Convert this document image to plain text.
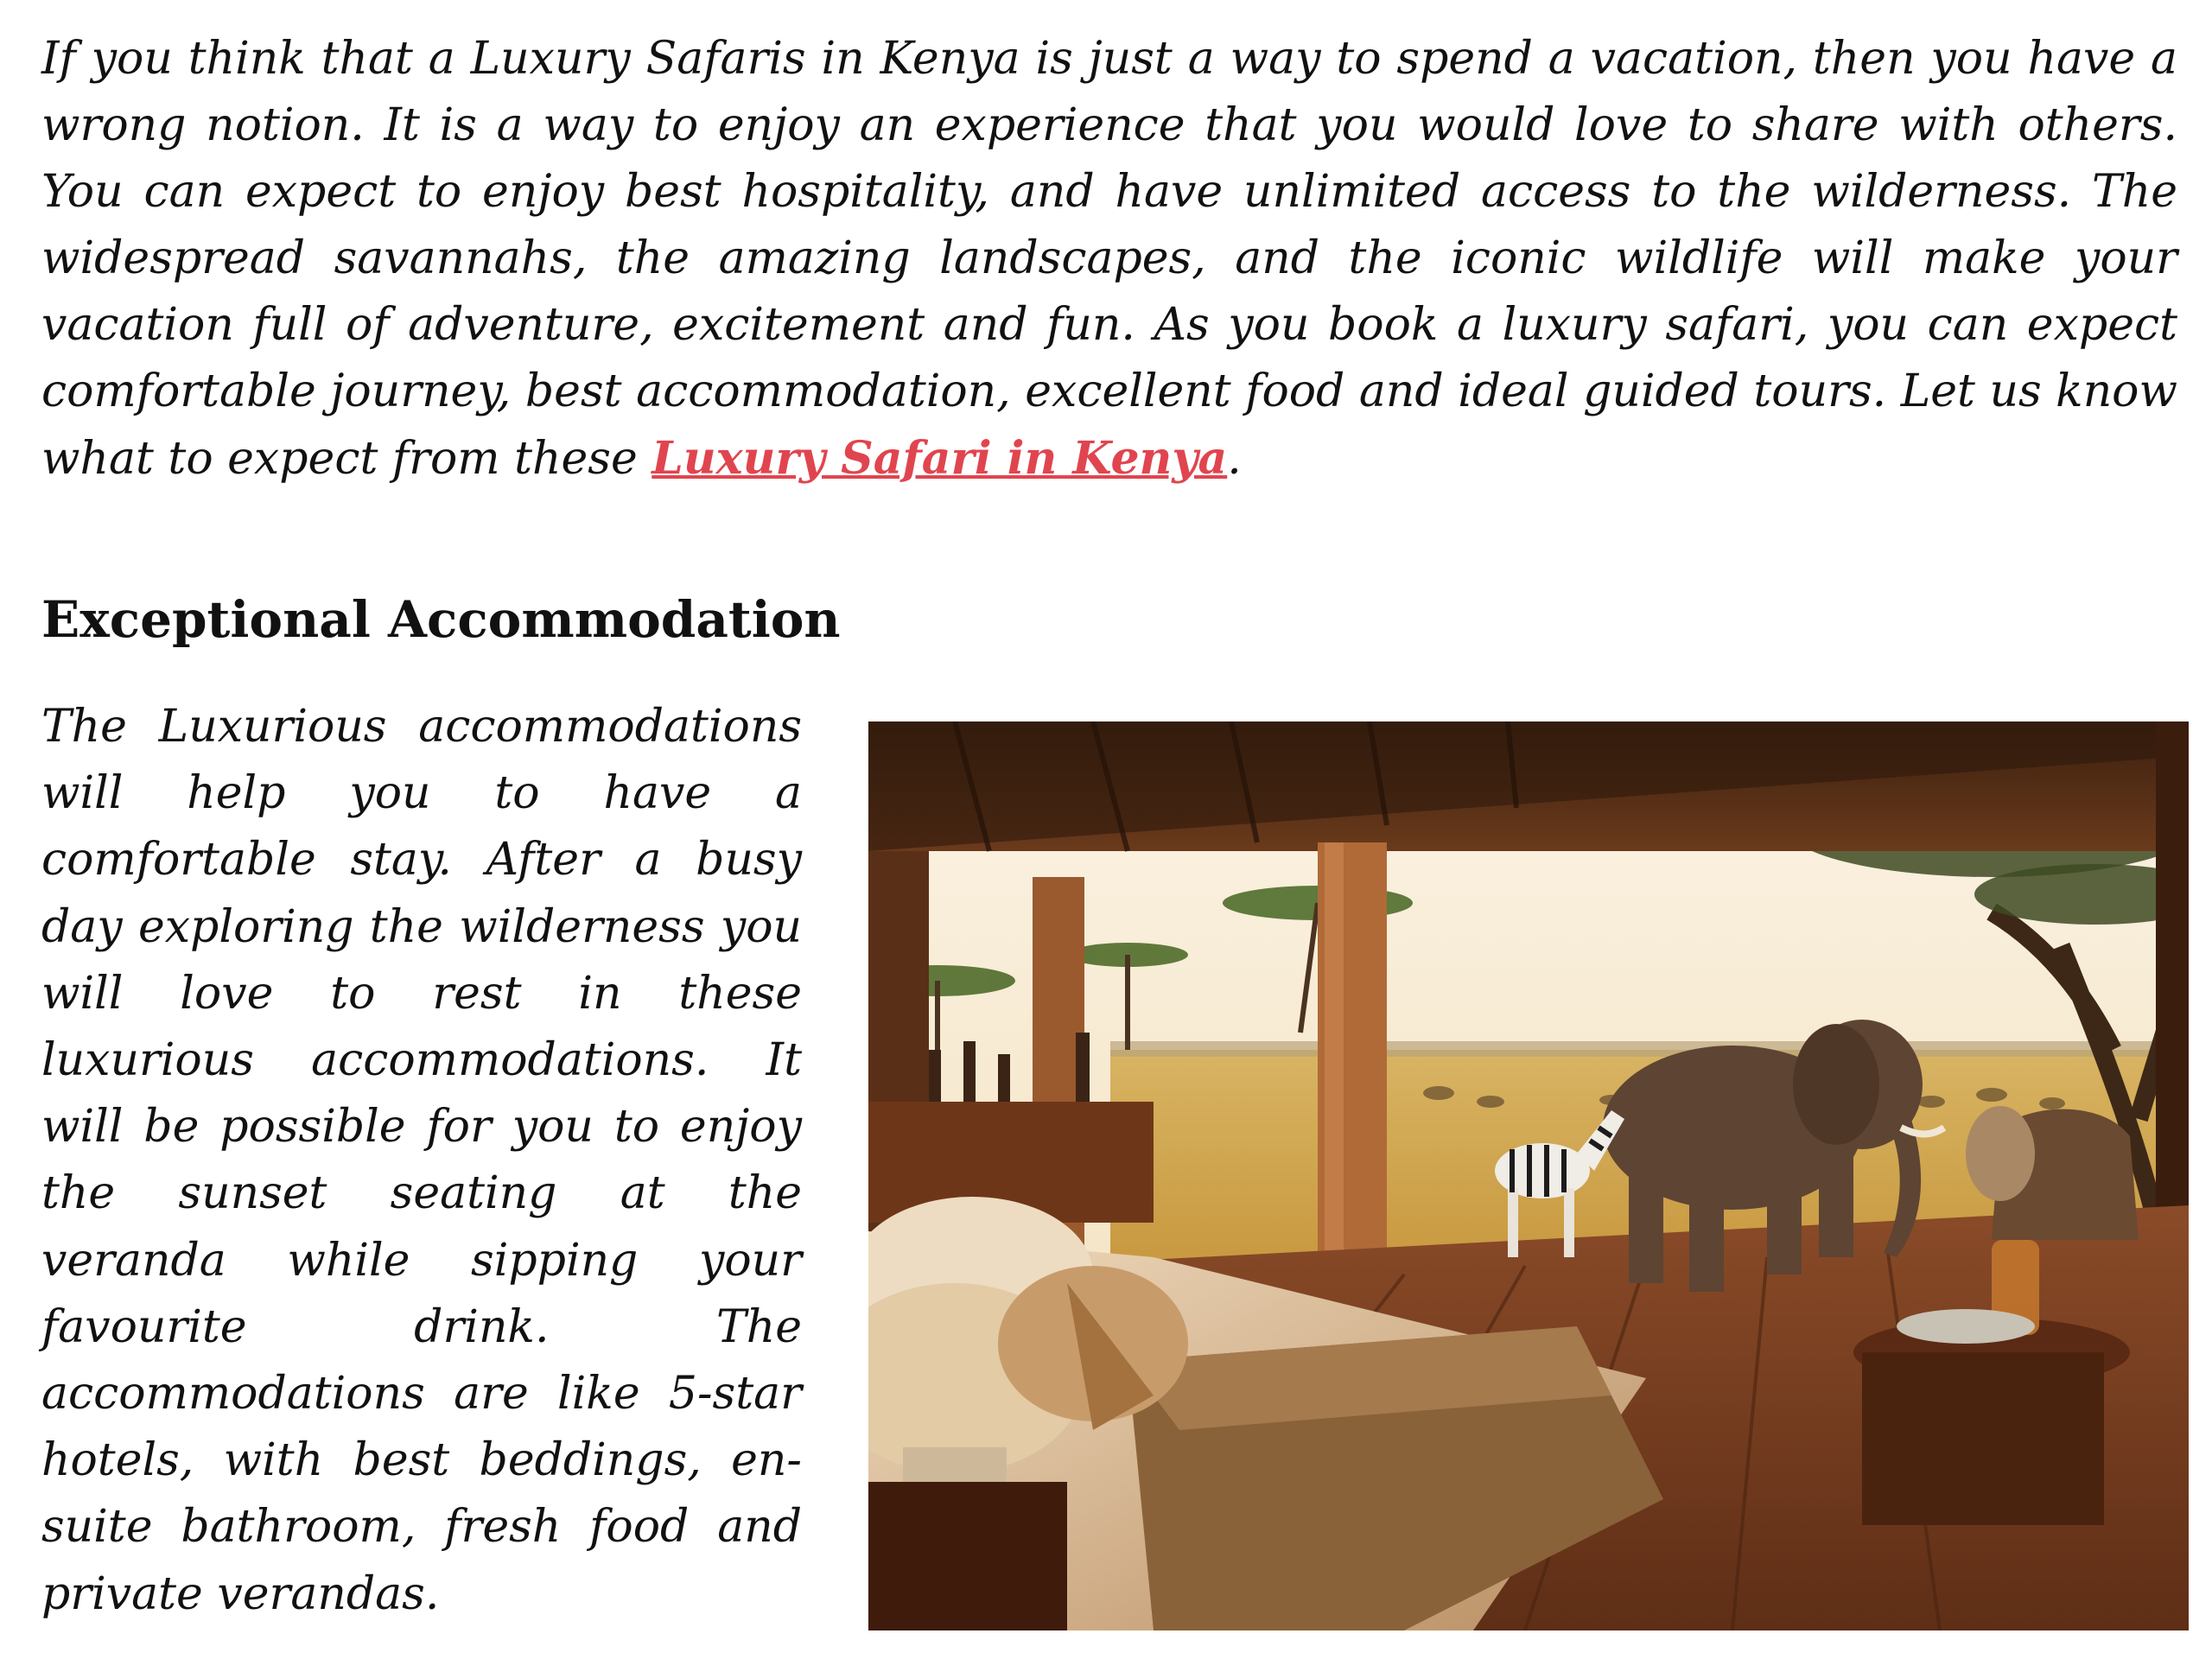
If you think that a Luxury Safaris in Kenya is just a way to spend a vacation, then you have a wrong notion. It is a way to enjoy an experience that you would love to share with others. You can expect to enjoy best hospitality, and have unlimited access to the wilderness. The widespread savannahs, the amazing landscapes, and the iconic wildlife will make your vacation full of adventure, excitement and fun. As you book a luxury safari, you can expect comfortable journey, best accommodation, excellent food and ideal guided tours. Let us know what to expect from these Luxury Safari in Kenya.

Exceptional Accommodation

The Luxurious accommodations will help you to have a comfortable stay. After a busy day exploring the wilderness you will love to rest in these luxurious accommodations. It will be possible for you to enjoy the sunset seating at the veranda while sipping your favourite drink. The accommodations are like 5-star hotels, with best beddings, en-suite bathroom, fresh food and private verandas.
